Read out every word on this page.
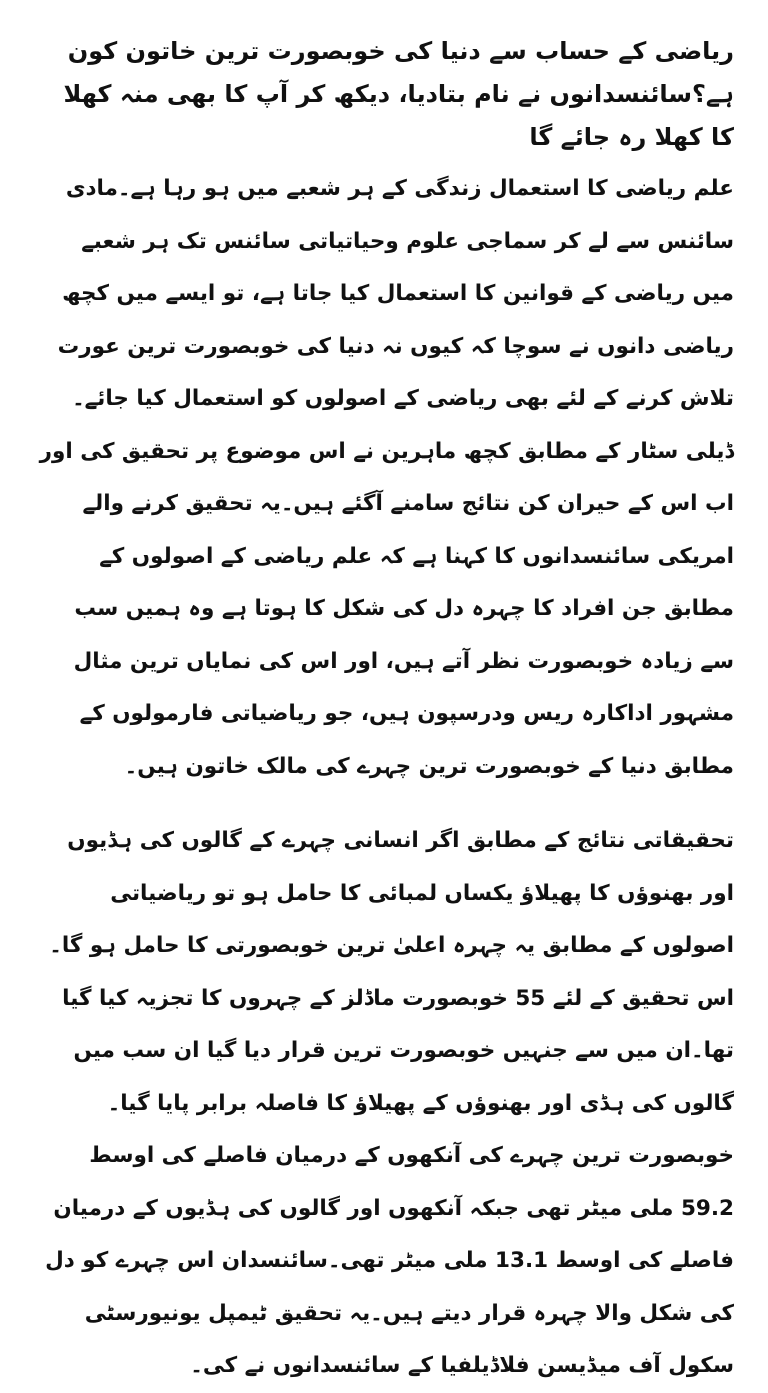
ریاضی کے حساب سے دنیا کی خوبصورت ترین خاتون کون ہے؟سائنسدانوں نے نام بتادیا، دیکھ کر آپ کا بھی منہ کھلا کا کھلا رہ جائے گا

علم ریاضی کا استعمال زندگی کے ہر شعبے میں ہو رہا ہے۔مادی سائنس سے لے کر سماجی علوم وحیاتیاتی سائنس تک ہر شعبے میں ریاضی کے قوانین کا استعمال کیا جاتا ہے، تو ایسے میں کچھ ریاضی دانوں نے سوچا کہ کیوں نہ دنیا کی خوبصورت ترین عورت تلاش کرنے کے لئے بھی ریاضی کے اصولوں کو استعمال کیا جائے۔ڈیلی سٹار کے مطابق کچھ ماہرین نے اس موضوع پر تحقیق کی اور اب اس کے حیران کن نتائج سامنے آگئے ہیں۔یہ تحقیق کرنے والے امریکی سائنسدانوں کا کہنا ہے کہ علم ریاضی کے اصولوں کے مطابق جن افراد کا چہرہ دل کی شکل کا ہوتا ہے وہ ہمیں سب سے زیادہ خوبصورت نظر آتے ہیں، اور اس کی نمایاں ترین مثال مشہور اداکارہ ریس ودرسپون ہیں، جو ریاضیاتی فارمولوں کے مطابق دنیا کے خوبصورت ترین چہرے کی مالک خاتون ہیں۔

تحقیقاتی نتائج کے مطابق اگر انسانی چہرے کے گالوں کی ہڈیوں اور بھنوؤں کا پھیلاؤ یکساں لمبائی کا حامل ہو تو ریاضیاتی اصولوں کے مطابق یہ چہرہ اعلیٰ ترین خوبصورتی کا حامل ہو گا۔اس تحقیق کے لئے 55 خوبصورت ماڈلز کے چہروں کا تجزیہ کیا گیا تھا۔ان میں سے جنہیں خوبصورت ترین قرار دیا گیا ان سب میں گالوں کی ہڈی اور بھنوؤں کے پھیلاؤ کا فاصلہ برابر پایا گیا۔خوبصورت ترین چہرے کی آنکھوں کے درمیان فاصلے کی اوسط 59.2 ملی میٹر تھی جبکہ آنکھوں اور گالوں کی ہڈیوں کے درمیان فاصلے کی اوسط 13.1 ملی میٹر تھی۔سائنسدان اس چہرے کو دل کی شکل والا چہرہ قرار دیتے ہیں۔یہ تحقیق ٹیمپل یونیورسٹی سکول آف میڈیسن فلاڈیلفیا کے سائنسدانوں نے کی۔
